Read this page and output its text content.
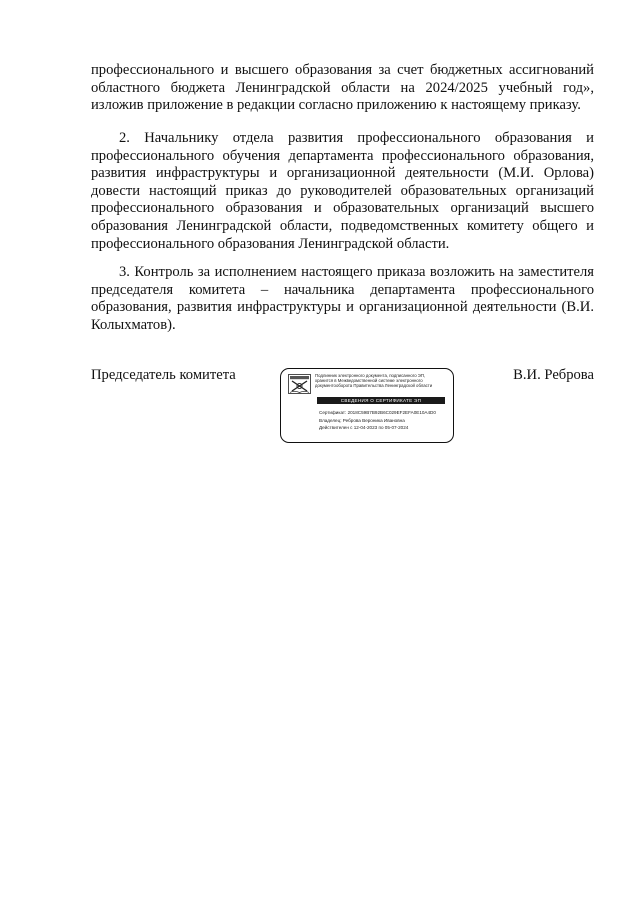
профессионального и высшего образования за счет бюджетных ассигнований областного бюджета Ленинградской области на 2024/2025 учебный год», изложив приложение в редакции согласно приложению к настоящему приказу.

2. Начальнику отдела развития профессионального образования и профессионального обучения департамента профессионального образования, развития инфраструктуры и организационной деятельности (М.И. Орлова) довести настоящий приказ до руководителей образовательных организаций профессионального образования и образовательных организаций высшего образования Ленинградской области, подведомственных комитету общего и профессионального образования Ленинградской области.

3. Контроль за исполнением настоящего приказа возложить на заместителя председателя комитета – начальника департамента профессионального образования, развития инфраструктуры и организационной деятельности (В.И. Колыхматов).

Председатель комитета	В.И. Реброва
Подлинник электронного документа, подписанного ЭП,
хранится в Межведомственной системе электронного
документооборота Правительства Ленинградской области
СВЕДЕНИЯ О СЕРТИФИКАТЕ ЭП
Сертификат: 2018C59B7B92B6C029EF2EFA0E10A4D0
Владелец: Реброва Вероника Ивановна
Действителен с 12-04-2023 по 05-07-2024
